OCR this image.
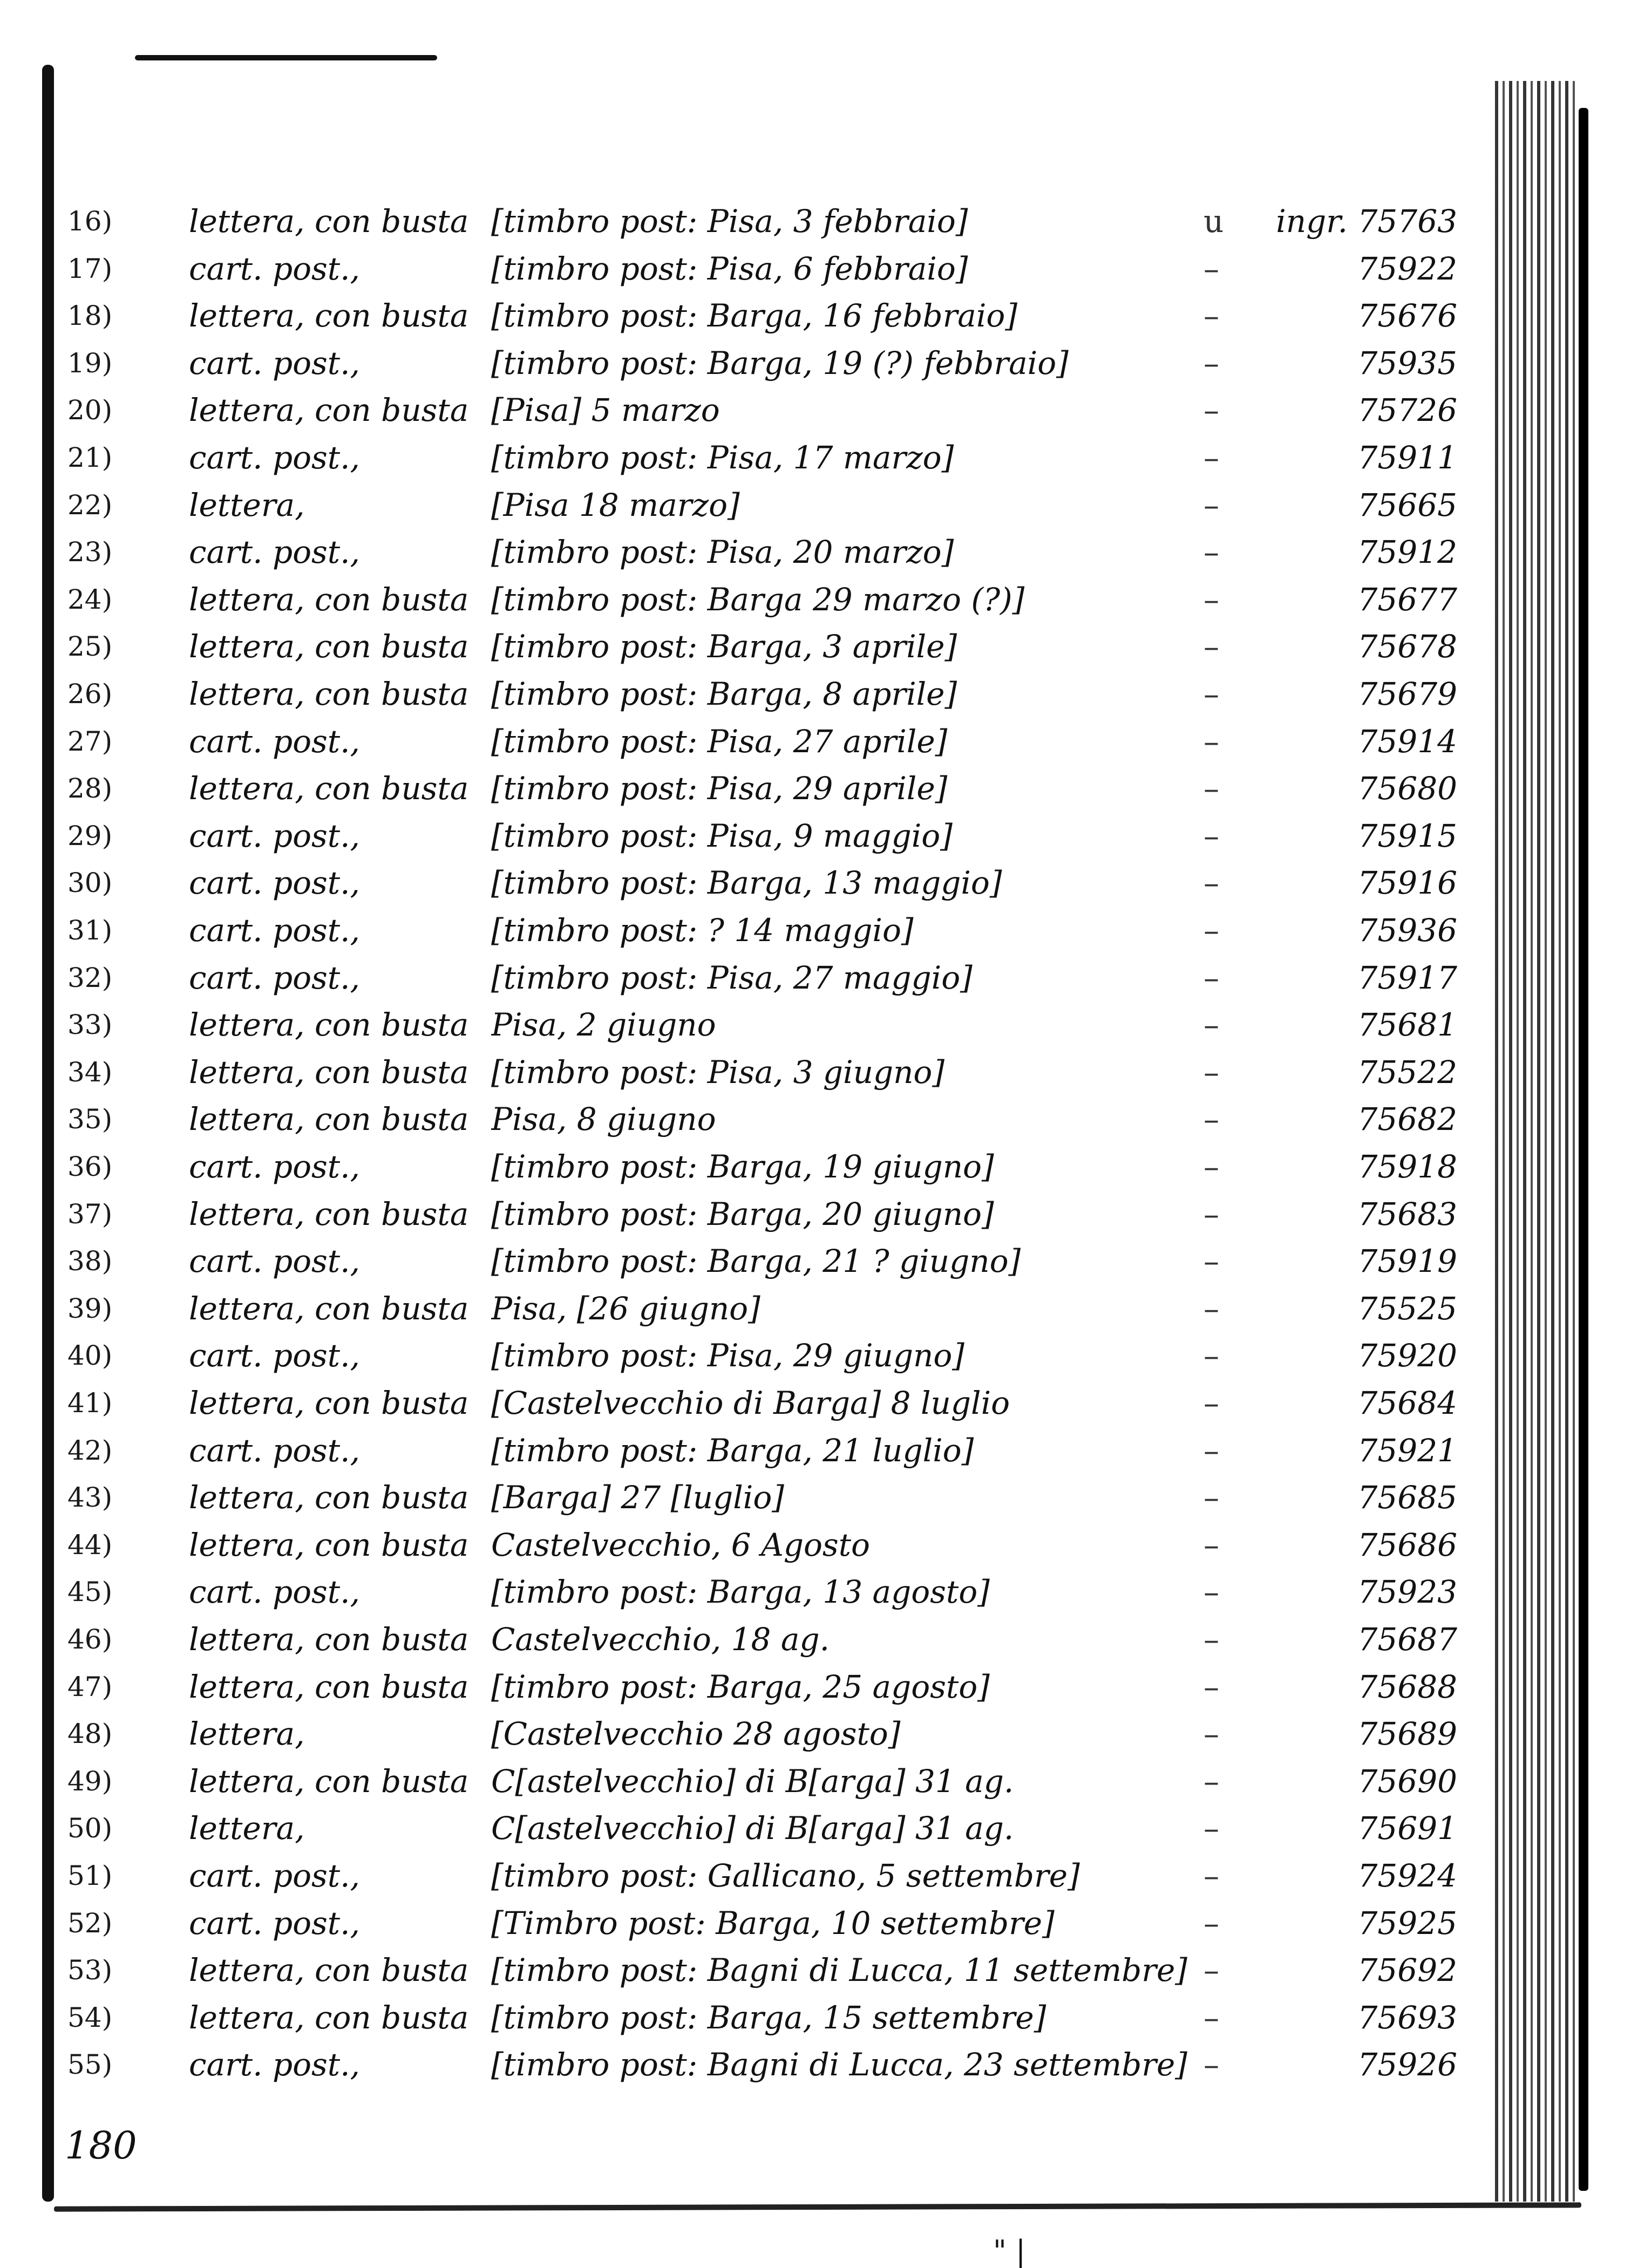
16)	lettera, con busta [timbro post: Pisa, 3 febbraio]	u ingr. 75763
17)	cart. post.,	[timbro post: Pisa, 6 febbraio]	–	75922
18)	lettera, con busta [timbro post: Barga, 16 febbraio]	–	75676
19)	cart. post.,	[timbro post: Barga, 19 (?) febbraio]	–	75935
20)	lettera, con busta [Pisa] 5 marzo	–	75726
21)	cart. post.,	[timbro post: Pisa, 17 marzo]	–	75911
22)	lettera,	[Pisa 18 marzo]	–	75665
23)	cart. post.,	[timbro post: Pisa, 20 marzo]	–	75912
24)	lettera, con busta [timbro post: Barga 29 marzo (?)]	–	75677
25)	lettera, con busta [timbro post: Barga, 3 aprile]	–	75678
26)	lettera, con busta [timbro post: Barga, 8 aprile]	–	75679
27)	cart. post.,	[timbro post: Pisa, 27 aprile]	–	75914
28)	lettera, con busta [timbro post: Pisa, 29 aprile]	–	75680
29)	cart. post.,	[timbro post: Pisa, 9 maggio]	–	75915
30)	cart. post.,	[timbro post: Barga, 13 maggio]	–	75916
31)	cart. post.,	[timbro post: ? 14 maggio]	–	75936
32)	cart. post.,	[timbro post: Pisa, 27 maggio]	–	75917
33)	lettera, con busta Pisa, 2 giugno	–	75681
34)	lettera, con busta [timbro post: Pisa, 3 giugno]	–	75522
35)	lettera, con busta Pisa, 8 giugno	–	75682
36)	cart. post.,	[timbro post: Barga, 19 giugno]	–	75918
37)	lettera, con busta [timbro post: Barga, 20 giugno]	–	75683
38)	cart. post.,	[timbro post: Barga, 21 ? giugno]	–	75919
39)	lettera, con busta Pisa, [26 giugno]	–	75525
40)	cart. post.,	[timbro post: Pisa, 29 giugno]	–	75920
41)	lettera, con busta [Castelvecchio di Barga] 8 luglio	–	75684
42)	cart. post.,	[timbro post: Barga, 21 luglio]	–	75921
43)	lettera, con busta [Barga] 27 [luglio]	–	75685
44)	lettera, con busta Castelvecchio, 6 Agosto	–	75686
45)	cart. post.,	[timbro post: Barga, 13 agosto]	–	75923
46)	lettera, con busta Castelvecchio, 18 ag.	–	75687
47)	lettera, con busta [timbro post: Barga, 25 agosto]	–	75688
48)	lettera,	[Castelvecchio 28 agosto]	–	75689
49)	lettera, con busta C[astelvecchio] di B[arga] 31 ag.	–	75690
50)	lettera,	C[astelvecchio] di B[arga] 31 ag.	–	75691
51)	cart. post.,	[timbro post: Gallicano, 5 settembre]	–	75924
52)	cart. post.,	[Timbro post: Barga, 10 settembre]	–	75925
53)	lettera, con busta [timbro post: Bagni di Lucca, 11 settembre] –	75692
54)	lettera, con busta [timbro post: Barga, 15 settembre]	–	75693
55)	cart. post.,	[timbro post: Bagni di Lucca, 23 settembre] –	75926
180
" |
